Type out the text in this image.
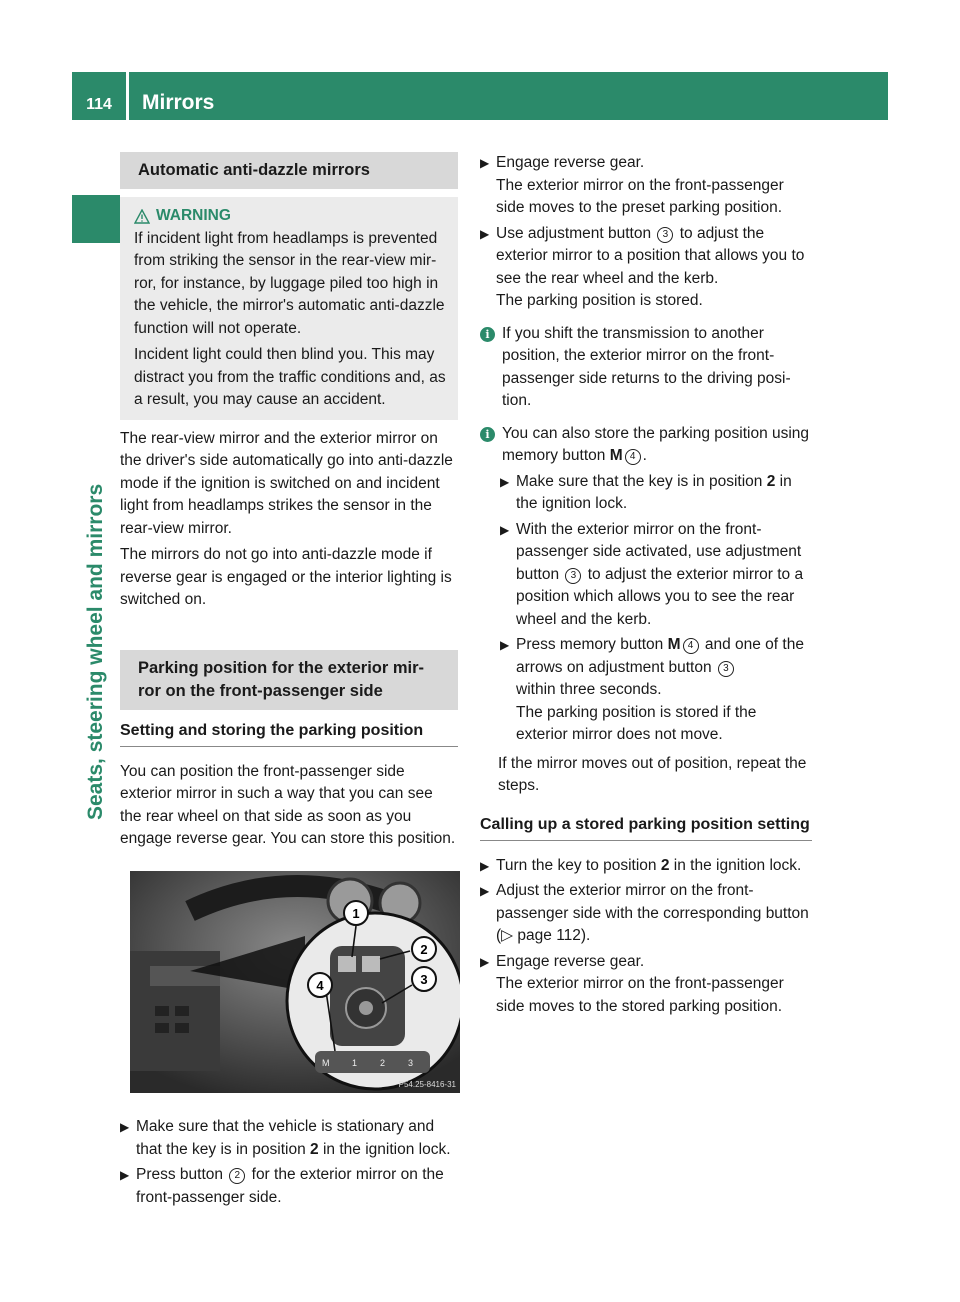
114	Mirrors
Seats, steering wheel and mirrors
Automatic anti-dazzle mirrors
WARNING

If incident light from headlamps is prevented from striking the sensor in the rear-view mirror, for instance, by luggage piled too high in the vehicle, the mirror's automatic anti-dazzle function will not operate.

Incident light could then blind you. This may distract you from the traffic conditions and, as a result, you may cause an accident.

The rear-view mirror and the exterior mirror on the driver's side automatically go into anti-dazzle mode if the ignition is switched on and incident light from headlamps strikes the sensor in the rear-view mirror.

The mirrors do not go into anti-dazzle mode if reverse gear is engaged or the interior lighting is switched on.

Parking position for the exterior mir-
ror on the front-passenger side
Setting and storing the parking position

You can position the front-passenger side exterior mirror in such a way that you can see the rear wheel on that side as soon as you engage reverse gear. You can store this position.

M	1	2	3
1
2
3
4
P54.25-8416-31
▶ Make sure that the vehicle is stationary and that the key is in position 2 in the ignition lock.
▶ Press button 2 for the exterior mirror on the front-passenger side.
▶ Engage reverse gear.
The exterior mirror on the front-passenger side moves to the preset parking position.
▶ Use adjustment button 3 to adjust the exterior mirror to a position that allows you to see the rear wheel and the kerb.
The parking position is stored.
i If you shift the transmission to another position, the exterior mirror on the front-passenger side returns to the driving position.
i You can also store the parking position using memory button M 4 .
▶ Make sure that the key is in position 2 in the ignition lock.
▶ With the exterior mirror on the front-passenger side activated, use adjustment button 3 to adjust the exterior mirror to a position which allows you to see the rear wheel and the kerb.
▶ Press memory button M 4 and one of the arrows on adjustment button 3
within three seconds.
The parking position is stored if the exterior mirror does not move.

If the mirror moves out of position, repeat the steps.

Calling up a stored parking position setting
▶ Turn the key to position 2 in the ignition lock.
▶ Adjust the exterior mirror on the front-passenger side with the corresponding button (▷ page 112).
▶ Engage reverse gear.
The exterior mirror on the front-passenger side moves to the stored parking position.
